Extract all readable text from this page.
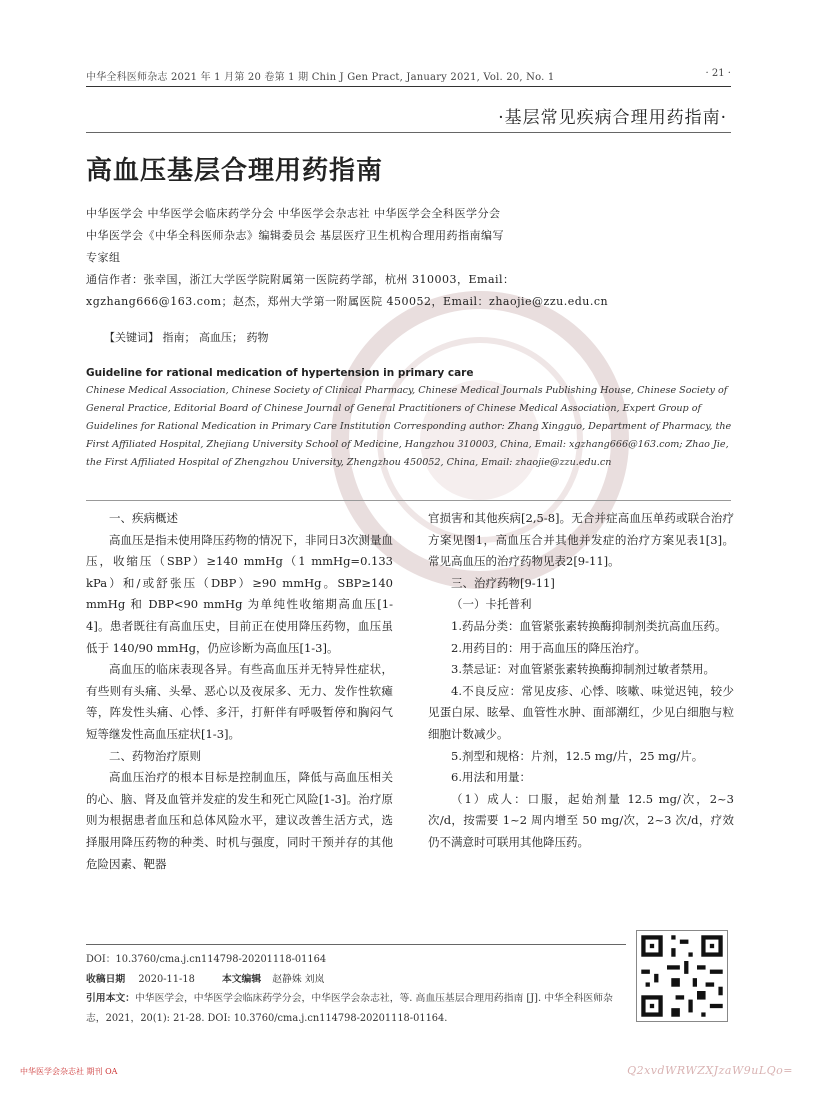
中华全科医师杂志 2021 年 1 月第 20 卷第 1 期 Chin J Gen Pract, January 2021, Vol. 20, No. 1	· 21 ·
·基层常见疾病合理用药指南·
高血压基层合理用药指南
中华医学会 中华医学会临床药学分会 中华医学会杂志社 中华医学会全科医学分会
中华医学会《中华全科医师杂志》编辑委员会 基层医疗卫生机构合理用药指南编写
专家组
通信作者：张幸国，浙江大学医学院附属第一医院药学部，杭州 310003，Email：
xgzhang666@163.com；赵杰，郑州大学第一附属医院 450052，Email：zhaojie@zzu.edu.cn
【关键词】 指南； 高血压； 药物
Guideline for rational medication of hypertension in primary care
Chinese Medical Association, Chinese Society of Clinical Pharmacy, Chinese Medical Journals Publishing House, Chinese Society of General Practice, Editorial Board of Chinese Journal of General Practitioners of Chinese Medical Association, Expert Group of Guidelines for Rational Medication in Primary Care Institution Corresponding author: Zhang Xingguo, Department of Pharmacy, the First Affiliated Hospital, Zhejiang University School of Medicine, Hangzhou 310003, China, Email: xgzhang666@163.com; Zhao Jie, the First Affiliated Hospital of Zhengzhou University, Zhengzhou 450052, China, Email: zhaojie@zzu.edu.cn

一、疾病概述

高血压是指未使用降压药物的情况下，非同日3次测量血压，收缩压（SBP）≥140 mmHg（1 mmHg=0.133 kPa）和/或舒张压（DBP）≥90 mmHg。SBP≥140 mmHg 和 DBP<90 mmHg 为单纯性收缩期高血压[1-4]。患者既往有高血压史，目前正在使用降压药物，血压虽低于 140/90 mmHg，仍应诊断为高血压[1-3]。

高血压的临床表现各异。有些高血压并无特异性症状，有些则有头痛、头晕、恶心以及夜尿多、无力、发作性软瘫等，阵发性头痛、心悸、多汗，打鼾伴有呼吸暂停和胸闷气短等继发性高血压症状[1-3]。

二、药物治疗原则

高血压治疗的根本目标是控制血压，降低与高血压相关的心、脑、肾及血管并发症的发生和死亡风险[1-3]。治疗原则为根据患者血压和总体风险水平，建议改善生活方式，选择服用降压药物的种类、时机与强度，同时干预并存的其他危险因素、靶器

官损害和其他疾病[2,5-8]。无合并症高血压单药或联合治疗方案见图1，高血压合并其他并发症的治疗方案见表1[3]。常见高血压的治疗药物见表2[9-11]。

三、治疗药物[9-11]

（一）卡托普利

1.药品分类：血管紧张素转换酶抑制剂类抗高血压药。

2.用药目的：用于高血压的降压治疗。

3.禁忌证：对血管紧张素转换酶抑制剂过敏者禁用。

4.不良反应：常见皮疹、心悸、咳嗽、味觉迟钝，较少见蛋白尿、眩晕、血管性水肿、面部潮红，少见白细胞与粒细胞计数减少。

5.剂型和规格：片剂，12.5 mg/片，25 mg/片。

6.用法和用量：

（1）成人：口服，起始剂量 12.5 mg/次，2~3 次/d，按需要 1~2 周内增至 50 mg/次，2~3 次/d，疗效仍不满意时可联用其他降压药。

DOI：10.3760/cma.j.cn114798-20201118-01164
收稿日期 2020-11-18	本文编辑 赵静姝 刘岚
引用本文：中华医学会，中华医学会临床药学分会，中华医学会杂志社，等. 高血压基层合理用药指南 [J]. 中华全科医师杂志，2021，20(1): 21-28. DOI: 10.3760/cma.j.cn114798-20201118-01164.
中华医学会杂志社 期刊 OA	Q2xvdWRWZXJzaW9uLQo=
